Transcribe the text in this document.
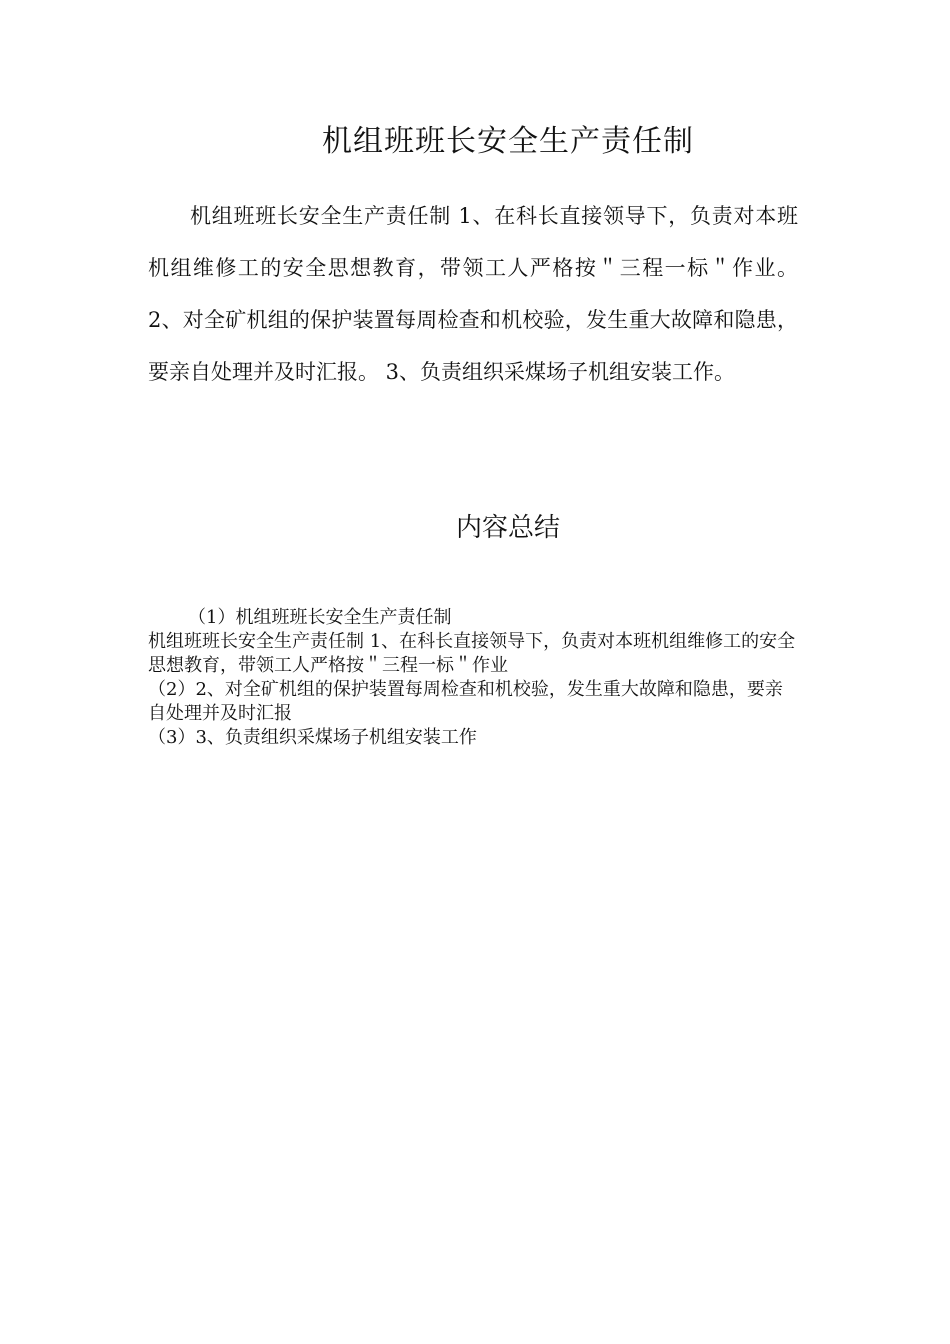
机组班班长安全生产责任制

机组班班长安全生产责任制 1、在科长直接领导下，负责对本班机组维修工的安全思想教育，带领工人严格按＂三程一标＂作业。 2、对全矿机组的保护装置每周检查和机校验，发生重大故障和隐患，要亲自处理并及时汇报。 3、负责组织采煤场子机组安装工作。

内容总结

（1）机组班班长安全生产责任制

机组班班长安全生产责任制 1、在科长直接领导下，负责对本班机组维修工的安全思想教育，带领工人严格按＂三程一标＂作业

（2）2、对全矿机组的保护装置每周检查和机校验，发生重大故障和隐患，要亲自处理并及时汇报

（3）3、负责组织采煤场子机组安装工作
